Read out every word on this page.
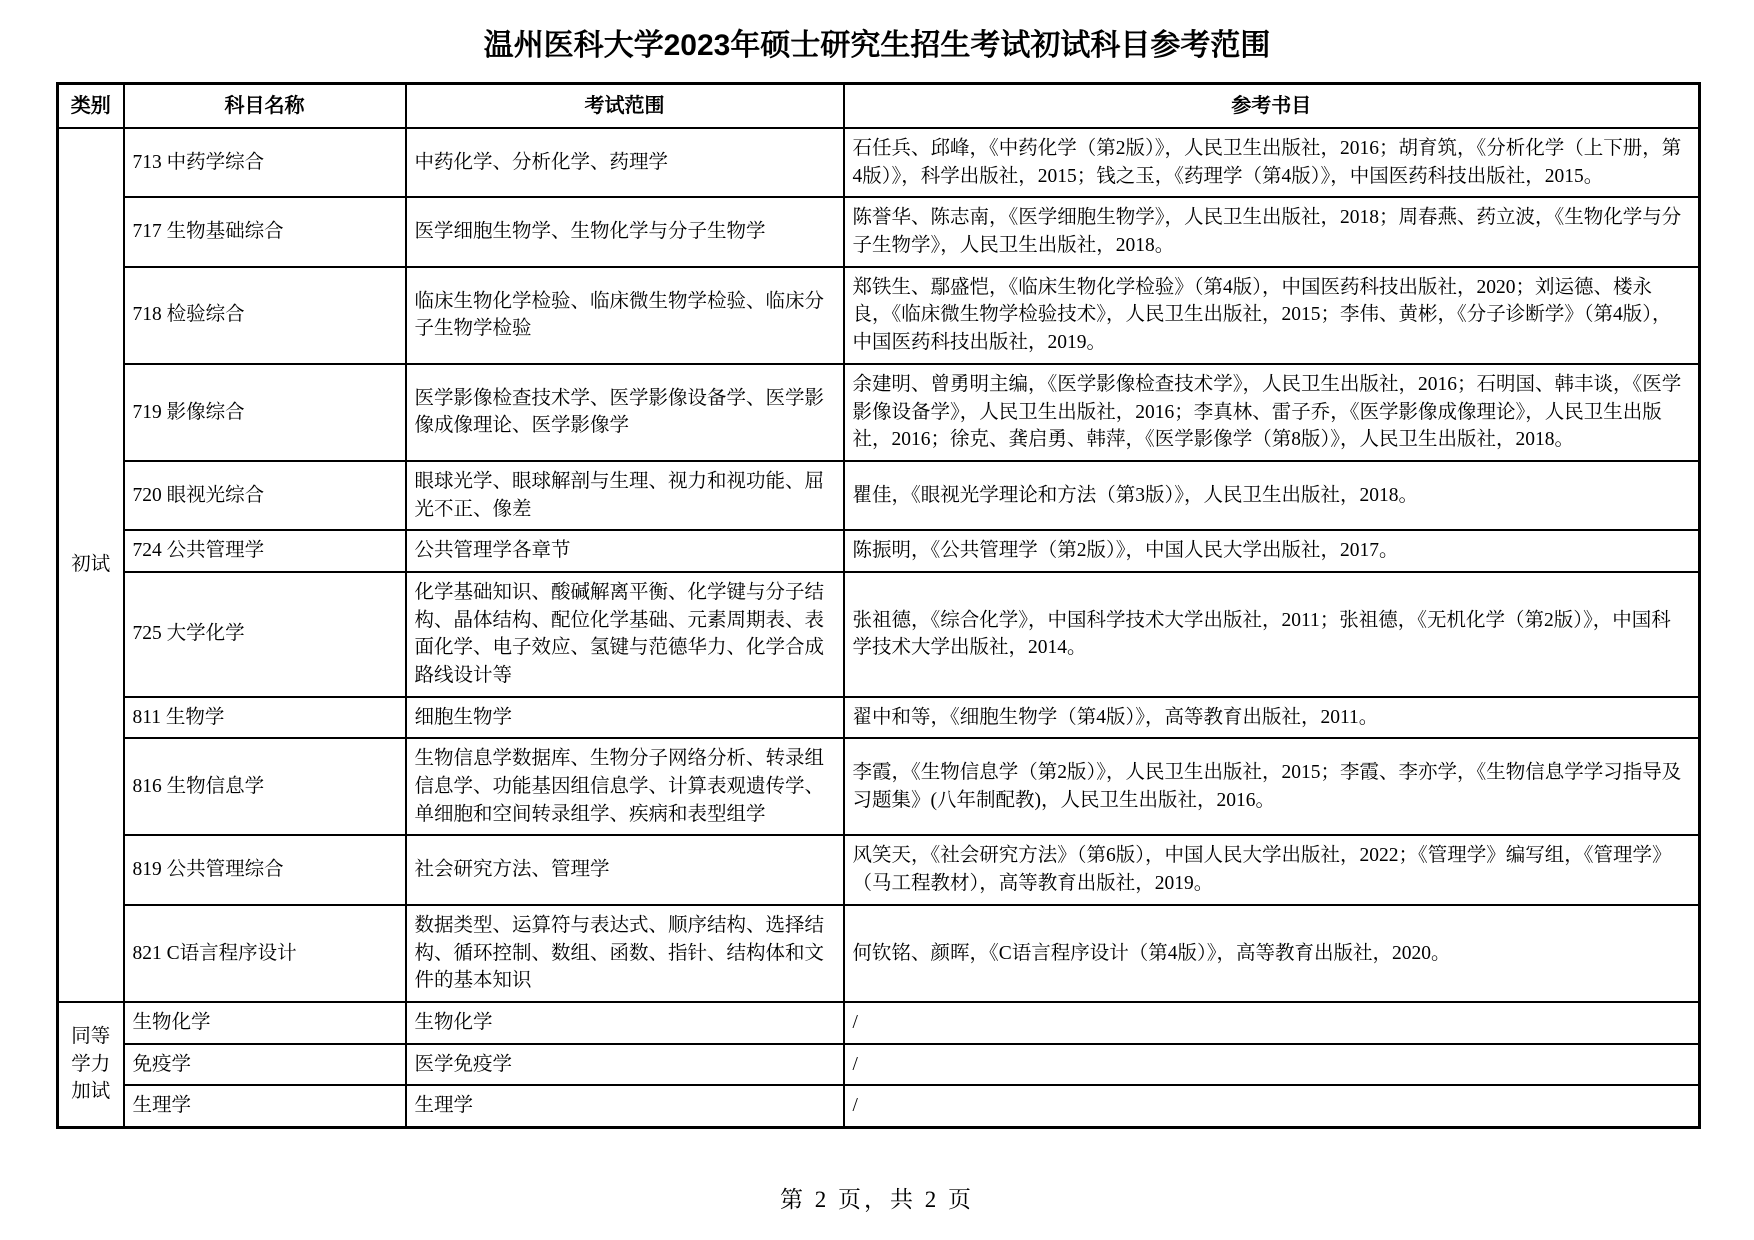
温州医科大学2023年硕士研究生招生考试初试科目参考范围
类别	科目名称	考试范围	参考书目
初试	713 中药学综合	中药化学、分析化学、药理学	石任兵、邱峰，《中药化学（第2版）》，人民卫生出版社，2016；胡育筑，《分析化学（上下册，第4版）》，科学出版社，2015；钱之玉，《药理学（第4版）》，中国医药科技出版社，2015。
	717 生物基础综合	医学细胞生物学、生物化学与分子生物学	陈誉华、陈志南，《医学细胞生物学》，人民卫生出版社，2018；周春燕、药立波，《生物化学与分子生物学》，人民卫生出版社，2018。
	718 检验综合	临床生物化学检验、临床微生物学检验、临床分子生物学检验	郑铁生、鄢盛恺，《临床生物化学检验》（第4版），中国医药科技出版社，2020；刘运德、楼永良，《临床微生物学检验技术》，人民卫生出版社，2015；李伟、黄彬，《分子诊断学》（第4版），中国医药科技出版社，2019。
	719 影像综合	医学影像检查技术学、医学影像设备学、医学影像成像理论、医学影像学	余建明、曾勇明主编，《医学影像检查技术学》，人民卫生出版社，2016；石明国、韩丰谈，《医学影像设备学》，人民卫生出版社，2016；李真林、雷子乔，《医学影像成像理论》，人民卫生出版社，2016；徐克、龚启勇、韩萍，《医学影像学（第8版）》，人民卫生出版社，2018。
	720 眼视光综合	眼球光学、眼球解剖与生理、视力和视功能、屈光不正、像差	瞿佳，《眼视光学理论和方法（第3版）》，人民卫生出版社，2018。
	724 公共管理学	公共管理学各章节	陈振明，《公共管理学（第2版）》，中国人民大学出版社，2017。
	725 大学化学	化学基础知识、酸碱解离平衡、化学键与分子结构、晶体结构、配位化学基础、元素周期表、表面化学、电子效应、氢键与范德华力、化学合成路线设计等	张祖德，《综合化学》，中国科学技术大学出版社，2011；张祖德，《无机化学（第2版）》，中国科学技术大学出版社，2014。
	811 生物学	细胞生物学	翟中和等，《细胞生物学（第4版）》，高等教育出版社，2011。
	816 生物信息学	生物信息学数据库、生物分子网络分析、转录组信息学、功能基因组信息学、计算表观遗传学、单细胞和空间转录组学、疾病和表型组学	李霞，《生物信息学（第2版）》，人民卫生出版社，2015；李霞、李亦学，《生物信息学学习指导及习题集》(八年制配教)，人民卫生出版社，2016。
	819 公共管理综合	社会研究方法、管理学	风笑天，《社会研究方法》（第6版），中国人民大学出版社，2022；《管理学》编写组，《管理学》（马工程教材），高等教育出版社，2019。
	821 C语言程序设计	数据类型、运算符与表达式、顺序结构、选择结构、循环控制、数组、函数、指针、结构体和文件的基本知识	何钦铭、颜晖，《C语言程序设计（第4版）》，高等教育出版社，2020。
同等学力加试	生物化学	生物化学	/
	免疫学	医学免疫学	/
	生理学	生理学	/
第 2 页，共 2 页
